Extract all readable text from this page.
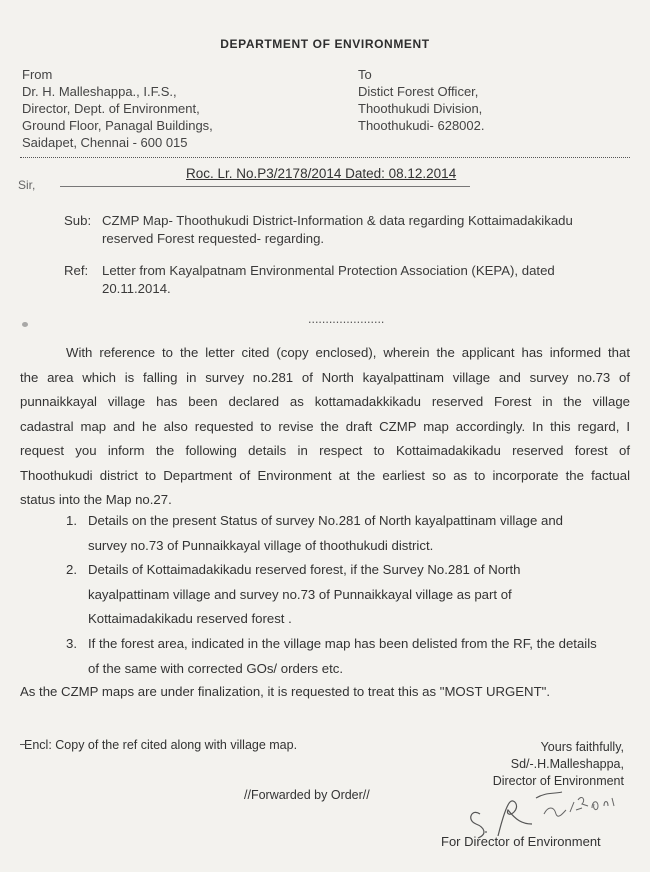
DEPARTMENT OF ENVIRONMENT
From
Dr. H. Malleshappa., I.F.S.,
Director, Dept. of Environment,
Ground Floor, Panagal Buildings,
Saidapet, Chennai - 600 015
To
Distict Forest Officer,
Thoothukudi Division,
Thoothukudi- 628002.
Roc. Lr. No.P3/2178/2014 Dated: 08.12.2014
Sir,
Sub: CZMP Map- Thoothukudi District-Information & data regarding Kottaimadakikadu
reserved Forest requested- regarding.
Ref: Letter from Kayalpatnam Environmental Protection Association (KEPA), dated
20.11.2014.
......................
With reference to the letter cited (copy enclosed), wherein the applicant has informed that
the area which is falling in survey no.281 of North kayalpattinam village and survey no.73 of
punnaikkayal village has been declared as kottamadakkikadu reserved Forest in the village
cadastral map and he also requested to revise the draft CZMP map accordingly. In this regard, I
request you inform the following details in respect to Kottaimadakikadu reserved forest of
Thoothukudi district to Department of Environment at the earliest so as to incorporate the factual
status into the Map no.27.
1. Details on the present Status of survey No.281 of North kayalpattinam village and
survey no.73 of Punnaikkayal village of thoothukudi district.
2. Details of Kottaimadakikadu reserved forest, if the Survey No.281 of North
kayalpattinam village and survey no.73 of Punnaikkayal village as part of
Kottaimadakikadu reserved forest .
3. If the forest area, indicated in the village map has been delisted from the RF, the details
of the same with corrected GOs/ orders etc.
As the CZMP maps are under finalization, it is requested to treat this as "MOST URGENT".
Encl: Copy of the ref cited along with village map.	Yours faithfully,
Sd/-.H.Malleshappa,
Director of Environment
//Forwarded by Order//
For Director of Environment
